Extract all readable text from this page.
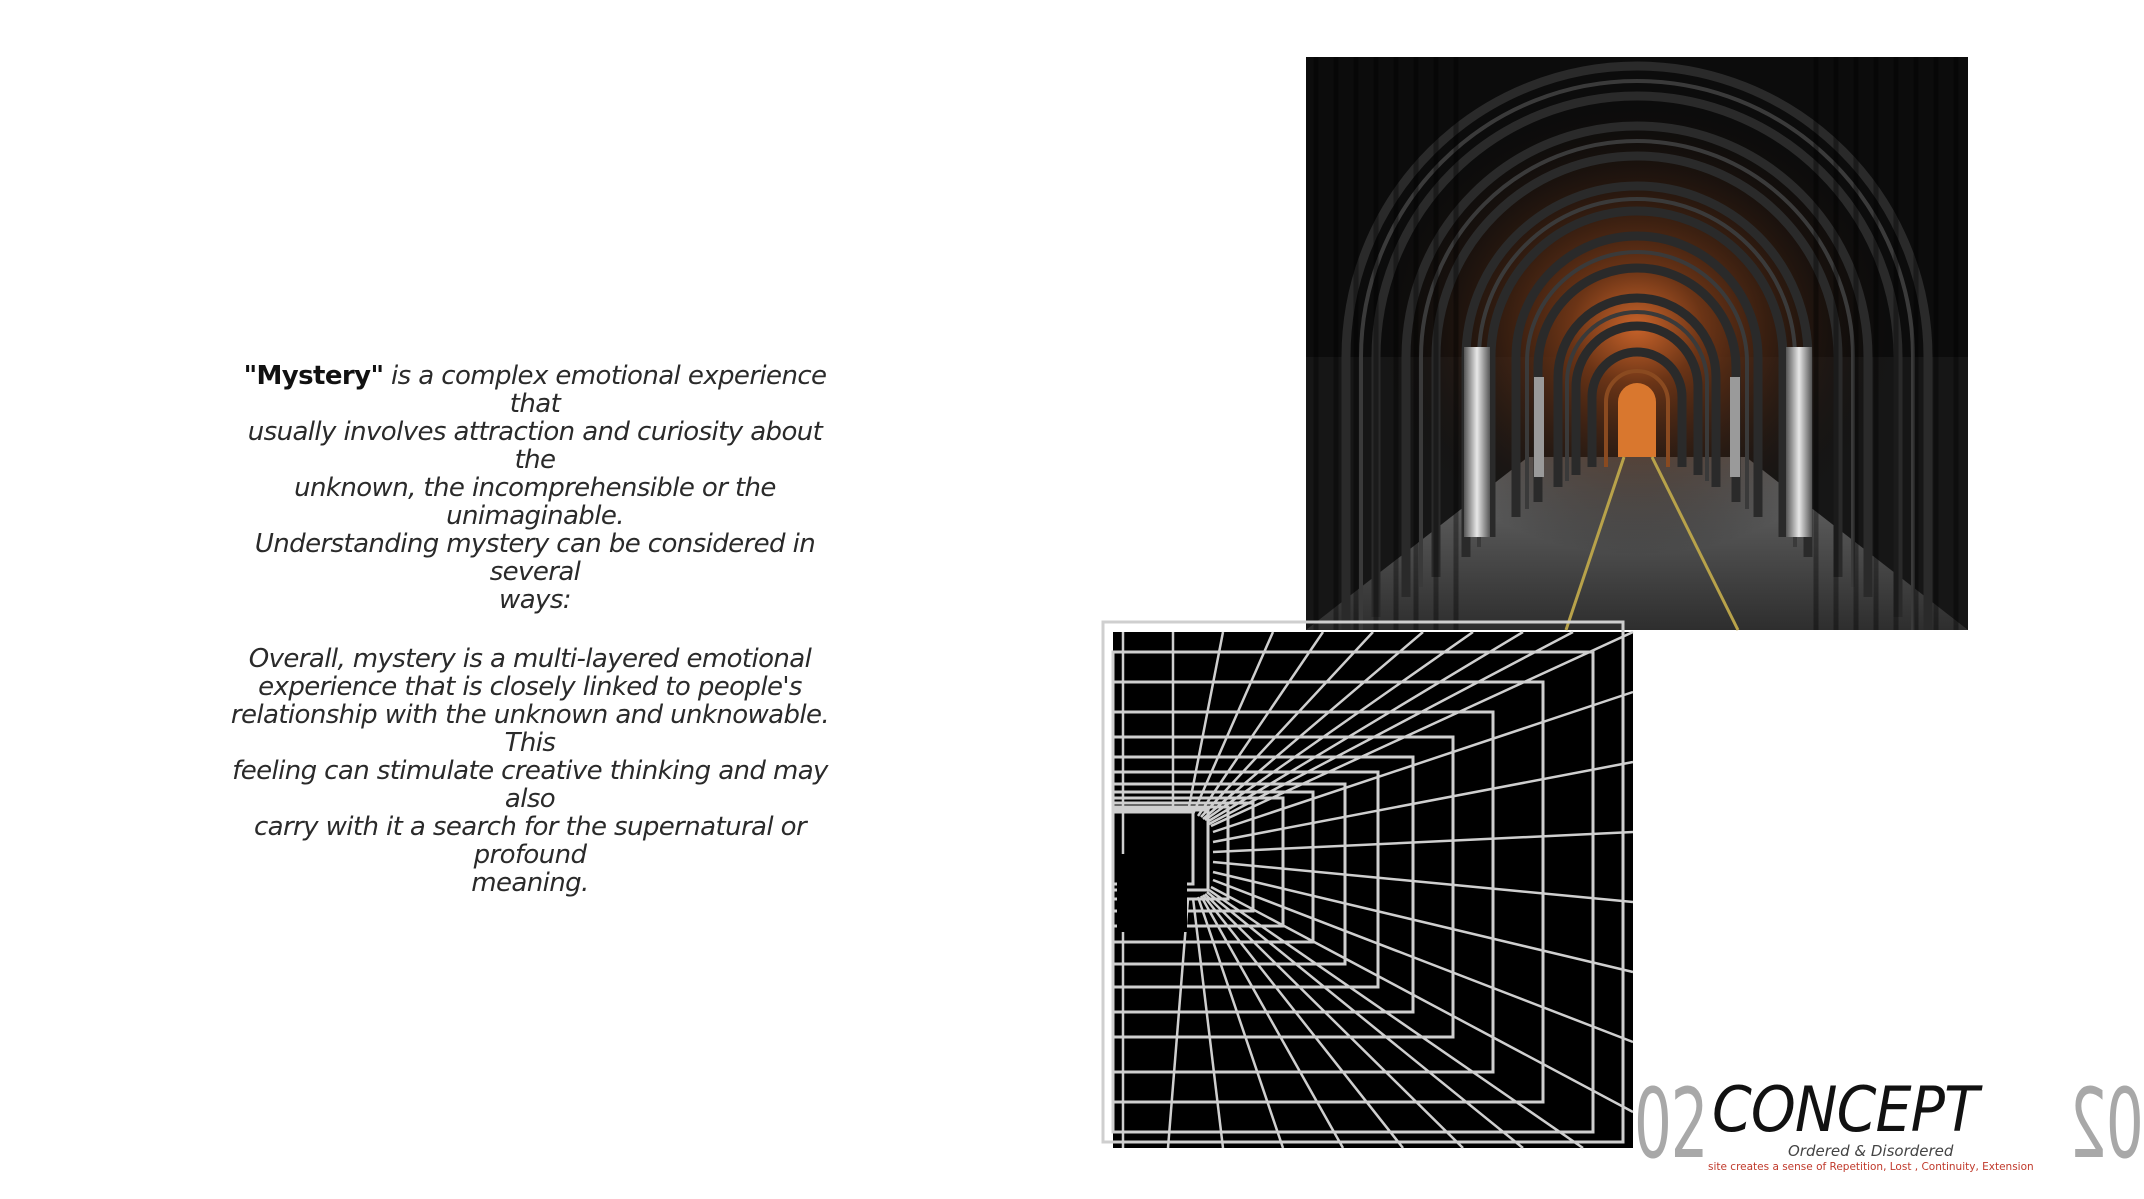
"Mystery" is a complex emotional experience that
usually involves attraction and curiosity about the
unknown, the incomprehensible or the unimaginable.
Understanding mystery can be considered in several
ways:
Overall, mystery is a multi-layered emotional
experience that is closely linked to people's
relationship with the unknown and unknowable. This
feeling can stimulate creative thinking and may also
carry with it a search for the supernatural or profound
meaning.
02 CONCEPT 02
Ordered & Disordered
site creates a sense of Repetition, Lost , Continuity, Extension
